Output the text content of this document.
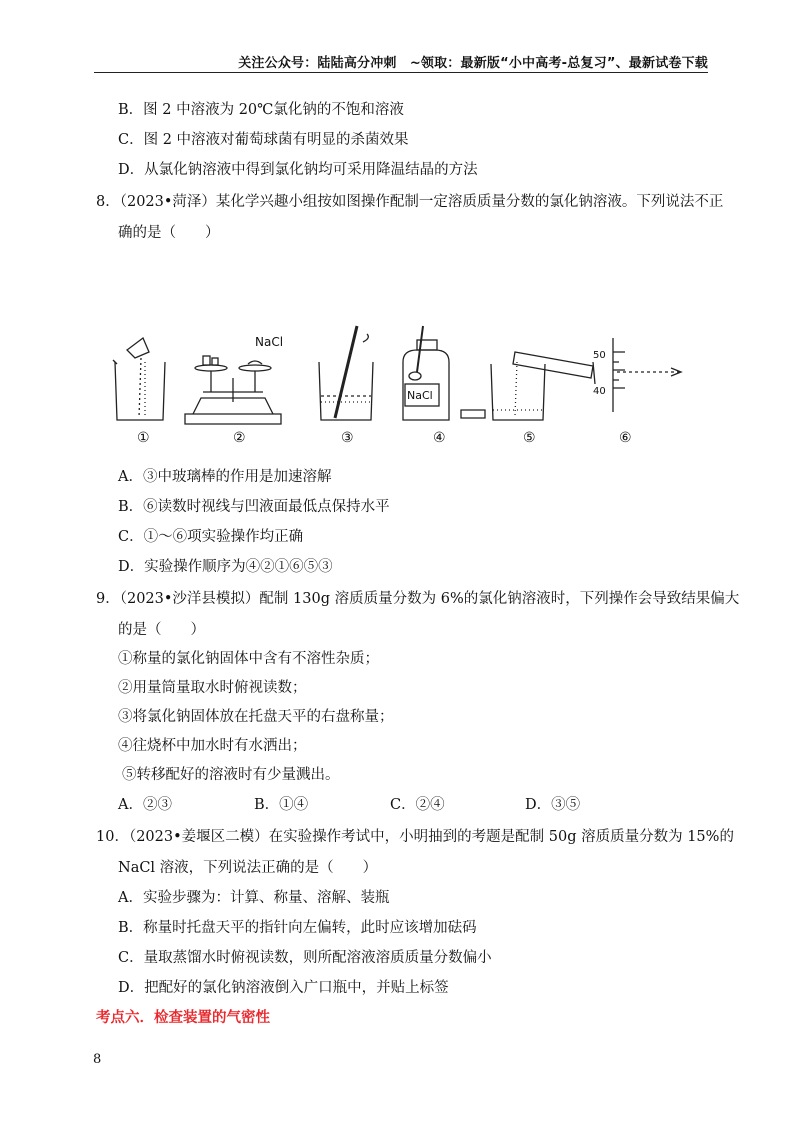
关注公众号：陆陆高分冲刺　~领取：最新版“小中高考-总复习”、最新试卷下载
B．图 2 中溶液为 20℃氯化钠的不饱和溶液
C．图 2 中溶液对葡萄球菌有明显的杀菌效果
D．从氯化钠溶液中得到氯化钠均可采用降温结晶的方法
8．（2023•菏泽）某化学兴趣小组按如图操作配制一定溶质质量分数的氯化钠溶液。下列说法不正
确的是（　　）
NaCl
NaCl
50
40
①	②	③	④	⑤	⑥
A．③中玻璃棒的作用是加速溶解
B．⑥读数时视线与凹液面最低点保持水平
C．①～⑥项实验操作均正确
D．实验操作顺序为④②①⑥⑤③
9．（2023•沙洋县模拟）配制 130g 溶质质量分数为 6%的氯化钠溶液时，下列操作会导致结果偏大
的是（　　）
①称量的氯化钠固体中含有不溶性杂质；
②用量筒量取水时俯视读数；
③将氯化钠固体放在托盘天平的右盘称量；
④往烧杯中加水时有水洒出；
⑤转移配好的溶液时有少量溅出。
A．②③	B．①④	C．②④	D．③⑤
10．（2023•姜堰区二模）在实验操作考试中，小明抽到的考题是配制 50g 溶质质量分数为 15%的
NaCl 溶液，下列说法正确的是（　　）
A．实验步骤为：计算、称量、溶解、装瓶
B．称量时托盘天平的指针向左偏转，此时应该增加砝码
C．量取蒸馏水时俯视读数，则所配溶液溶质质量分数偏小
D．把配好的氯化钠溶液倒入广口瓶中，并贴上标签
考点六．检查装置的气密性
8
